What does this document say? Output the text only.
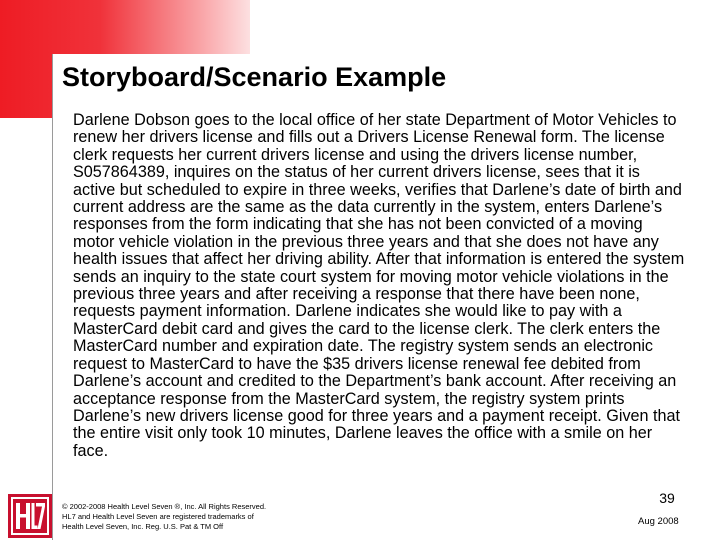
Storyboard/Scenario Example

Darlene Dobson goes to the local office of her state Department of Motor Vehicles to renew her drivers license and fills out a Drivers License Renewal form. The license clerk requests her current drivers license and using the drivers license number, S057864389, inquires on the status of her current drivers license, sees that it is active but scheduled to expire in three weeks, verifies that Darlene’s date of birth and current address are the same as the data currently in the system, enters Darlene’s responses from the form indicating that she has not been convicted of a moving motor vehicle violation in the previous three years and that she does not have any health issues that affect her driving ability. After that information is entered the system sends an inquiry to the state court system for moving motor vehicle violations in the previous three years and after receiving a response that there have been none, requests payment information. Darlene indicates she would like to pay with a MasterCard debit card and gives the card to the license clerk. The clerk enters the MasterCard number and expiration date. The registry system sends an electronic request to MasterCard to have the $35 drivers license renewal fee debited from Darlene’s account and credited to the Department’s bank account. After receiving an acceptance response from the MasterCard system, the registry system prints Darlene’s new drivers license good for three years and a payment receipt. Given that the entire visit only took 10 minutes, Darlene leaves the office with a smile on her face.

© 2002-2008 Health Level Seven ®, Inc. All Rights Reserved.
HL7 and Health Level Seven are registered trademarks of
Health Level Seven, Inc. Reg. U.S. Pat & TM Off
39
Aug 2008
